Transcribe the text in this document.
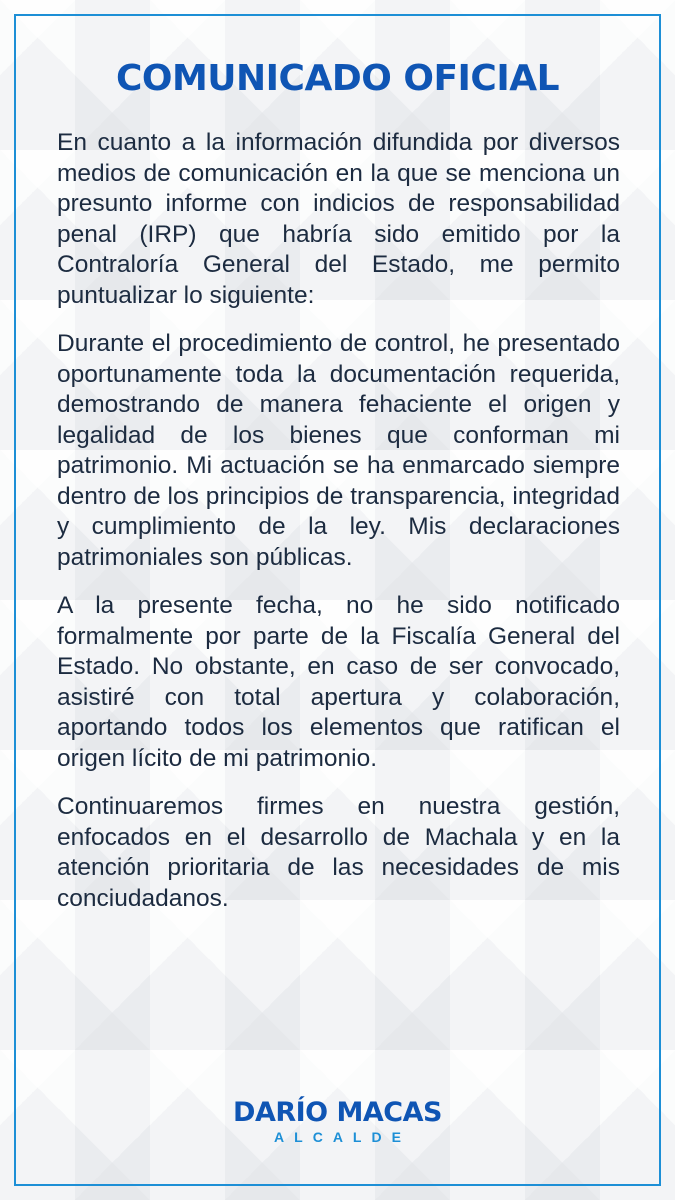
COMUNICADO OFICIAL

En cuanto a la información difundida por diversos medios de comunicación en la que se menciona un presunto informe con indicios de responsabilidad penal (IRP) que habría sido emitido por la Contraloría General del Estado, me permito puntualizar lo siguiente:

Durante el procedimiento de control, he presentado oportunamente toda la documentación requerida, demostrando de manera fehaciente el origen y legalidad de los bienes que conforman mi patrimonio. Mi actuación se ha enmarcado siempre dentro de los principios de transparencia, integridad y cumplimiento de la ley. Mis declaraciones patrimoniales son públicas.

A la presente fecha, no he sido notificado formalmente por parte de la Fiscalía General del Estado. No obstante, en caso de ser convocado, asistiré con total apertura y colaboración, aportando todos los elementos que ratifican el origen lícito de mi patrimonio.

Continuaremos firmes en nuestra gestión, enfocados en el desarrollo de Machala y en la atención prioritaria de las necesidades de mis conciudadanos.

DARÍO MACAS
ALCALDE
